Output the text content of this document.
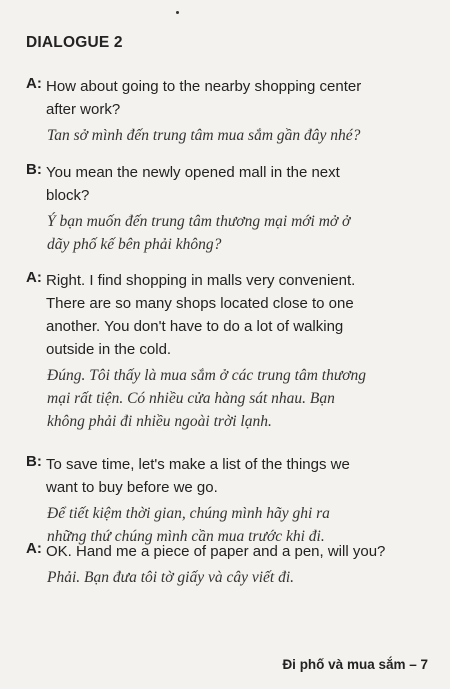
DIALOGUE 2
A: How about going to the nearby shopping center
after work?
Tan sở mình đến trung tâm mua sắm gần đây nhé?
B: You mean the newly opened mall in the next
block?
Ý bạn muốn đến trung tâm thương mại mới mở ở
dãy phố kế bên phải không?
A: Right. I find shopping in malls very convenient.
There are so many shops located close to one
another. You don't have to do a lot of walking
outside in the cold.
Đúng. Tôi thấy là mua sắm ở các trung tâm thương
mại rất tiện. Có nhiều cửa hàng sát nhau. Bạn
không phải đi nhiều ngoài trời lạnh.
B: To save time, let's make a list of the things we
want to buy before we go.
Để tiết kiệm thời gian, chúng mình hãy ghi ra
những thứ chúng mình cần mua trước khi đi.
A: OK. Hand me a piece of paper and a pen, will you?
Phải. Bạn đưa tôi tờ giấy và cây viết đi.
Đi phố và mua sắm – 7
